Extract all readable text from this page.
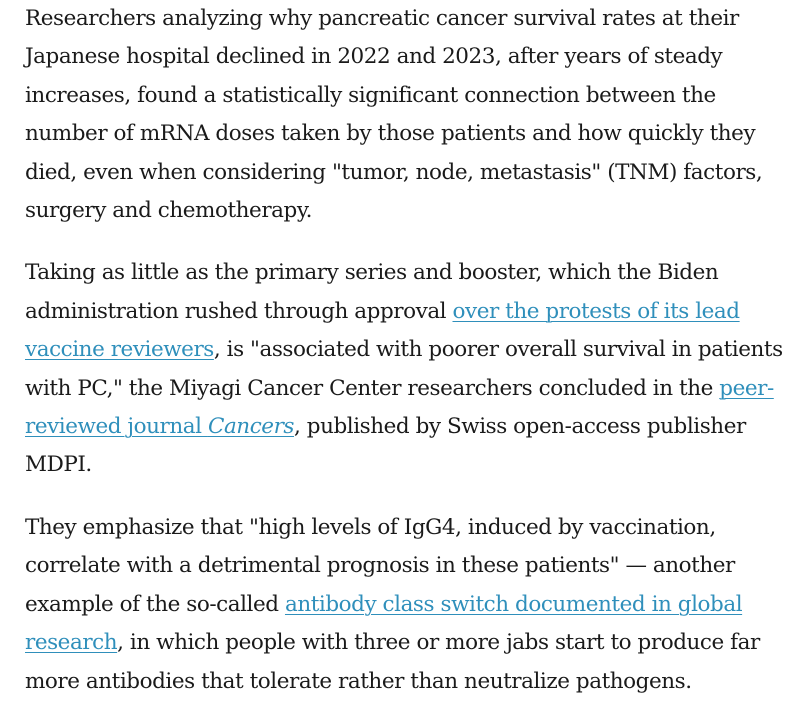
Researchers analyzing why pancreatic cancer survival rates at their Japanese hospital declined in 2022 and 2023, after years of steady increases, found a statistically significant connection between the number of mRNA doses taken by those patients and how quickly they died, even when considering "tumor, node, metastasis" (TNM) factors, surgery and chemotherapy.

Taking as little as the primary series and booster, which the Biden administration rushed through approval over the protests of its lead vaccine reviewers, is "associated with poorer overall survival in patients with PC," the Miyagi Cancer Center researchers concluded in the peer-reviewed journal Cancers, published by Swiss open-access publisher MDPI.

They emphasize that "high levels of IgG4, induced by vaccination, correlate with a detrimental prognosis in these patients" — another example of the so-called antibody class switch documented in global research, in which people with three or more jabs start to produce far more antibodies that tolerate rather than neutralize pathogens.
